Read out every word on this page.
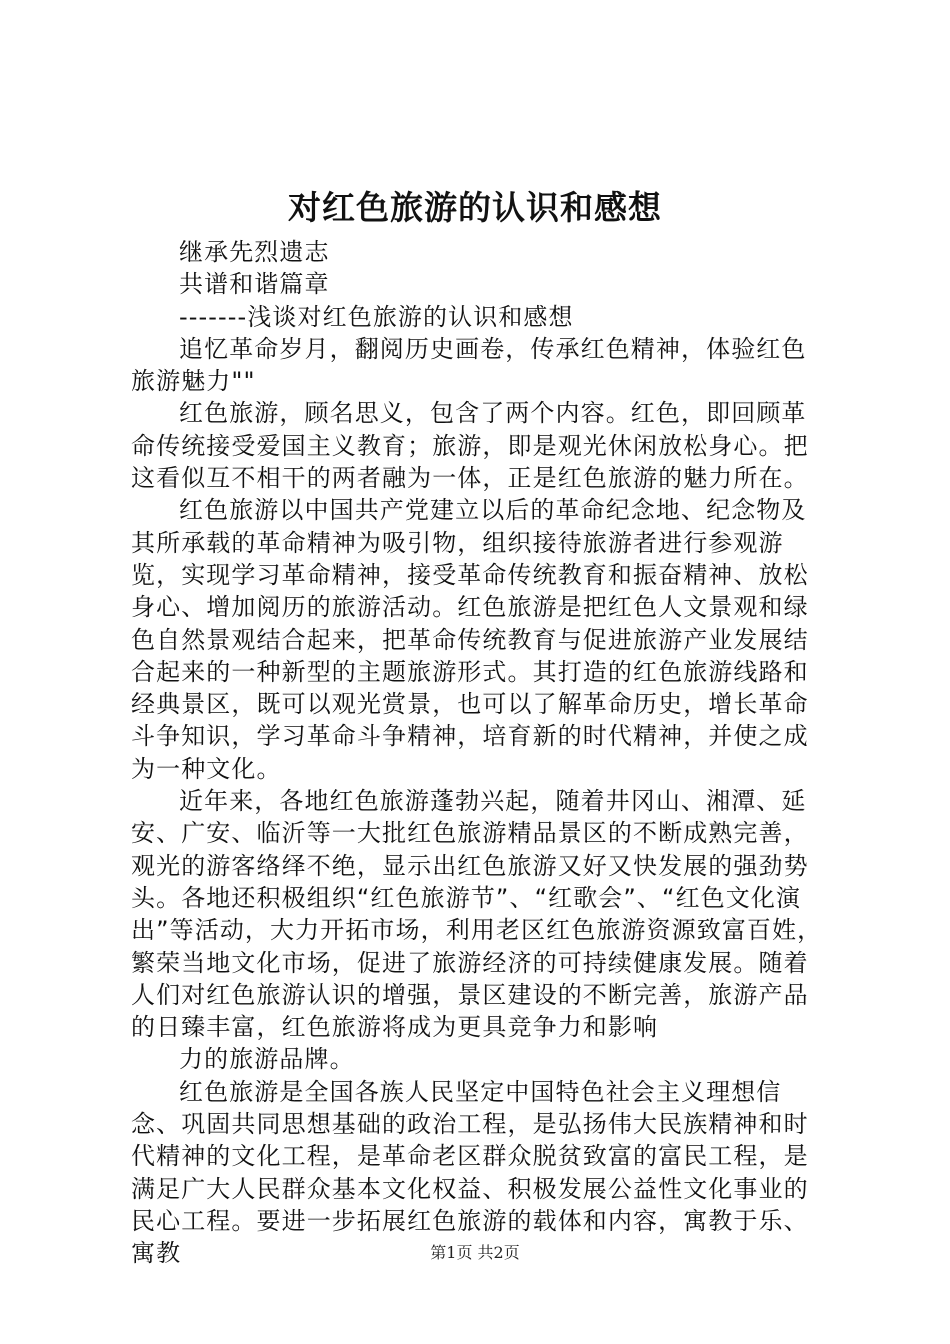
对红色旅游的认识和感想

继承先烈遗志

共谱和谐篇章

-------浅谈对红色旅游的认识和感想

追忆革命岁月，翻阅历史画卷，传承红色精神，体验红色旅游魅力""

红色旅游，顾名思义，包含了两个内容。红色，即回顾革命传统接受爱国主义教育；旅游，即是观光休闲放松身心。把这看似互不相干的两者融为一体，正是红色旅游的魅力所在。

红色旅游以中国共产党建立以后的革命纪念地、纪念物及其所承载的革命精神为吸引物，组织接待旅游者进行参观游览，实现学习革命精神，接受革命传统教育和振奋精神、放松身心、增加阅历的旅游活动。红色旅游是把红色人文景观和绿色自然景观结合起来，把革命传统教育与促进旅游产业发展结合起来的一种新型的主题旅游形式。其打造的红色旅游线路和经典景区，既可以观光赏景，也可以了解革命历史，增长革命斗争知识，学习革命斗争精神，培育新的时代精神，并使之成为一种文化。

近年来，各地红色旅游蓬勃兴起，随着井冈山、湘潭、延安、广安、临沂等一大批红色旅游精品景区的不断成熟完善，观光的游客络绎不绝，显示出红色旅游又好又快发展的强劲势头。各地还积极组织“红色旅游节”、“红歌会”、“红色文化演出”等活动，大力开拓市场，利用老区红色旅游资源致富百姓，繁荣当地文化市场，促进了旅游经济的可持续健康发展。随着人们对红色旅游认识的增强，景区建设的不断完善，旅游产品的日臻丰富，红色旅游将成为更具竞争力和影响

力的旅游品牌。

红色旅游是全国各族人民坚定中国特色社会主义理想信念、巩固共同思想基础的政治工程，是弘扬伟大民族精神和时代精神的文化工程，是革命老区群众脱贫致富的富民工程，是满足广大人民群众基本文化权益、积极发展公益性文化事业的民心工程。要进一步拓展红色旅游的载体和内容，寓教于乐、寓教	第1页 共2页
